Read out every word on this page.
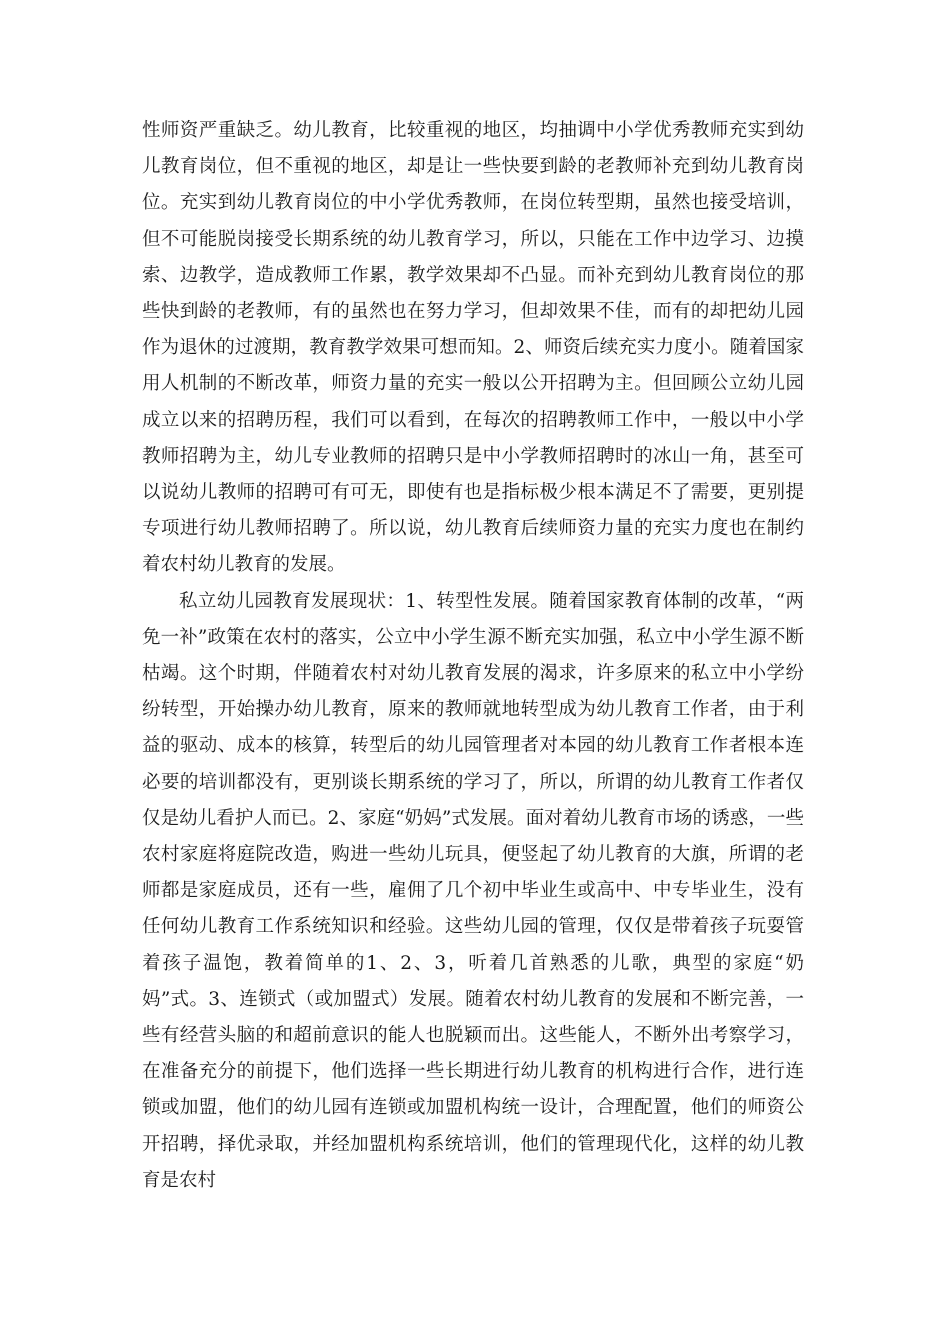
性师资严重缺乏。幼儿教育，比较重视的地区，均抽调中小学优秀教师充实到幼儿教育岗位，但不重视的地区，却是让一些快要到龄的老教师补充到幼儿教育岗位。充实到幼儿教育岗位的中小学优秀教师，在岗位转型期，虽然也接受培训，但不可能脱岗接受长期系统的幼儿教育学习，所以，只能在工作中边学习、边摸索、边教学，造成教师工作累，教学效果却不凸显。而补充到幼儿教育岗位的那些快到龄的老教师，有的虽然也在努力学习，但却效果不佳，而有的却把幼儿园作为退休的过渡期，教育教学效果可想而知。2、师资后续充实力度小。随着国家用人机制的不断改革，师资力量的充实一般以公开招聘为主。但回顾公立幼儿园成立以来的招聘历程，我们可以看到，在每次的招聘教师工作中，一般以中小学教师招聘为主，幼儿专业教师的招聘只是中小学教师招聘时的冰山一角，甚至可以说幼儿教师的招聘可有可无，即使有也是指标极少根本满足不了需要，更别提专项进行幼儿教师招聘了。所以说，幼儿教育后续师资力量的充实力度也在制约着农村幼儿教育的发展。

私立幼儿园教育发展现状：1、转型性发展。随着国家教育体制的改革，“两免一补”政策在农村的落实，公立中小学生源不断充实加强，私立中小学生源不断枯竭。这个时期，伴随着农村对幼儿教育发展的渴求，许多原来的私立中小学纷纷转型，开始操办幼儿教育，原来的教师就地转型成为幼儿教育工作者，由于利益的驱动、成本的核算，转型后的幼儿园管理者对本园的幼儿教育工作者根本连必要的培训都没有，更别谈长期系统的学习了，所以，所谓的幼儿教育工作者仅仅是幼儿看护人而已。2、家庭“奶妈”式发展。面对着幼儿教育市场的诱惑，一些农村家庭将庭院改造，购进一些幼儿玩具，便竖起了幼儿教育的大旗，所谓的老师都是家庭成员，还有一些，雇佣了几个初中毕业生或高中、中专毕业生，没有任何幼儿教育工作系统知识和经验。这些幼儿园的管理，仅仅是带着孩子玩耍管着孩子温饱，教着简单的1、2、3，听着几首熟悉的儿歌，典型的家庭“奶妈”式。3、连锁式（或加盟式）发展。随着农村幼儿教育的发展和不断完善，一些有经营头脑的和超前意识的能人也脱颖而出。这些能人，不断外出考察学习，在准备充分的前提下，他们选择一些长期进行幼儿教育的机构进行合作，进行连锁或加盟，他们的幼儿园有连锁或加盟机构统一设计，合理配置，他们的师资公开招聘，择优录取，并经加盟机构系统培训，他们的管理现代化，这样的幼儿教育是农村
